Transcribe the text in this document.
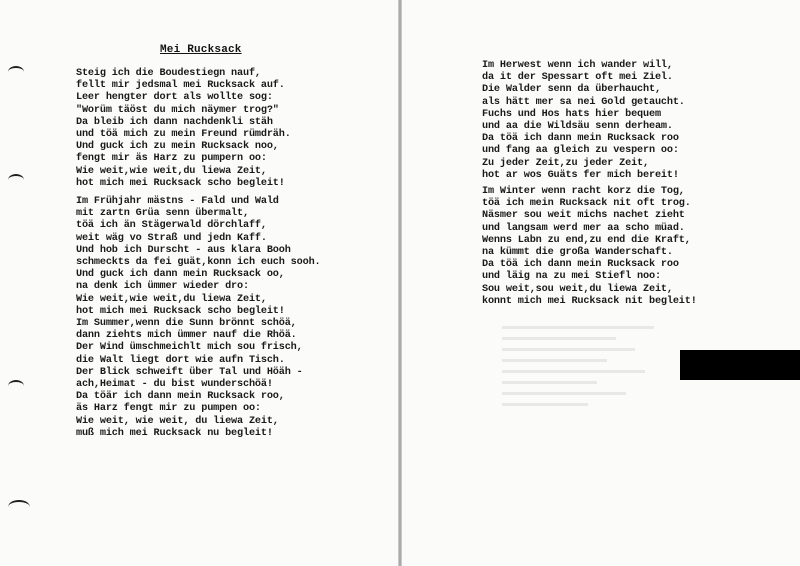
Mei Rucksack
Steig ich die Boudestiegn nauf,
fellt mir jedsmal mei Rucksack auf.
Leer hengter dort als wollte sog:
"Worüm täöst du mich näymer trog?"
Da bleib ich dann nachdenkli stäh
und töä mich zu mein Freund rümdräh.
Und guck ich zu mein Rucksack noo,
fengt mir äs Harz zu pumpern oo:
Wie weit,wie weit,du liewa Zeit,
hot mich mei Rucksack scho begleit!
Im Frühjahr mästns - Fald und Wald
mit zartn Grüa senn übermalt,
töä ich än Stägerwald dörchlaff,
weit wäg vo Straß und jedn Kaff.
Und hob ich Durscht - aus klara Booh
schmeckts da fei guät,konn ich euch sooh.
Und guck ich dann mein Rucksack oo,
na denk ich ümmer wieder dro:
Wie weit,wie weit,du liewa Zeit,
hot mich mei Rucksack scho begleit!
Im Summer,wenn die Sunn brönnt schöä,
dann ziehts mich ümmer nauf die Rhöä.
Der Wind ümschmeichlt mich sou frisch,
die Walt liegt dort wie aufn Tisch.
Der Blick schweift über Tal und Höäh -
ach,Heimat - du bist wunderschöä!
Da töär ich dann mein Rucksack roo,
äs Harz fengt mir zu pumpen oo:
Wie weit, wie weit, du liewa Zeit,
muß mich mei Rucksack nu begleit!
Im Herwest wenn ich wander will,
da it der Spessart oft mei Ziel.
Die Walder senn da überhaucht,
als hätt mer sa nei Gold getaucht.
Fuchs und Hos hats hier bequem
und aa die Wildsäu senn derheam.
Da töä ich dann mein Rucksack roo
und fang aa gleich zu vespern oo:
Zu jeder Zeit,zu jeder Zeit,
hot ar wos Guäts fer mich bereit!
Im Winter wenn racht korz die Tog,
töä ich mein Rucksack nit oft trog.
Näsmer sou weit michs nachet zieht
und langsam werd mer aa scho müad.
Wenns Labn zu end,zu end die Kraft,
na kümmt die großa Wanderschaft.
Da töä ich dann mein Rucksack roo
und läig na zu mei Stiefl noo:
Sou weit,sou weit,du liewa Zeit,
konnt mich mei Rucksack nit begleit!
